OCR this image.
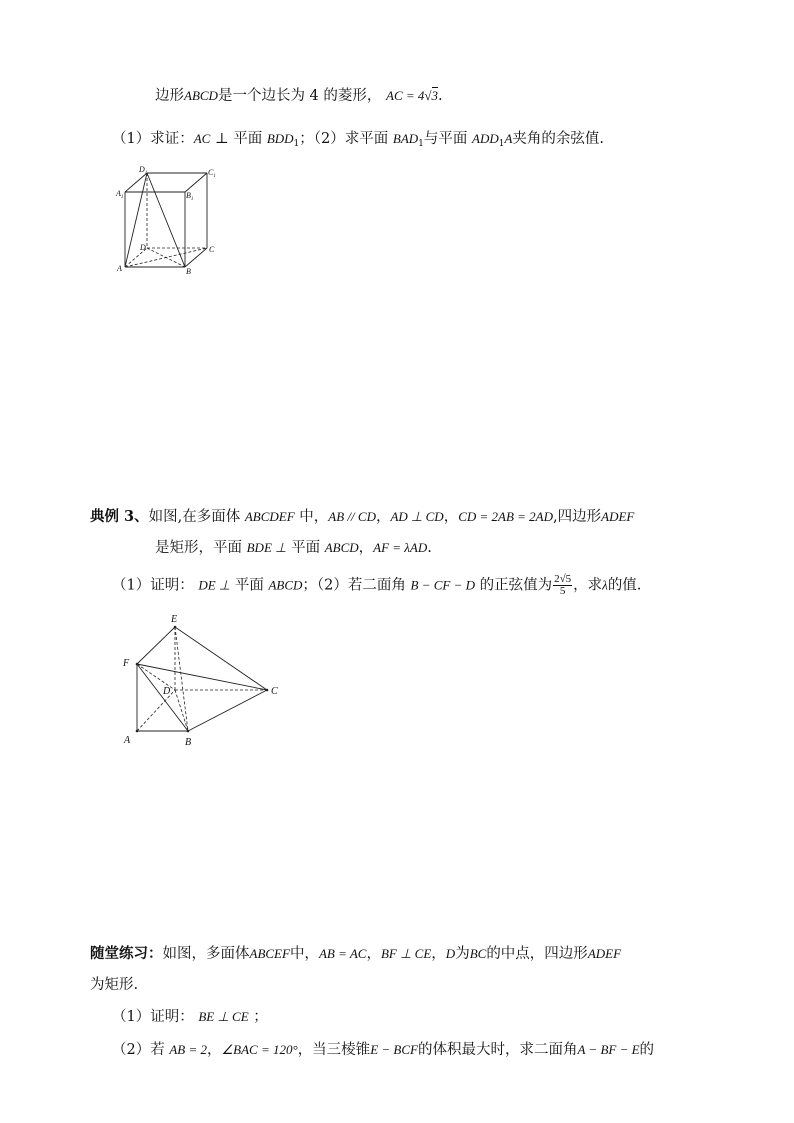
边形ABCD是一个边长为 4 的菱形， AC = 4√3.
（1）求证：AC ⊥ 平面 $BDD_1$；（2）求平面 $BAD_1$与平面 $ADD_1A$夹角的余弦值.
$D_1$	$C_1$
$A_1$	$B_1$
D	C
A	B
典例 3、如图,在多面体 ABCDEF 中，AB // CD，AD ⊥ CD，CD = 2AB = 2AD,四边形ADEF
是矩形，平面 BDE ⊥ 平面 ABCD，AF = λAD.
（1）证明： DE ⊥ 平面 ABCD；（2）若二面角 B − CF − D 的正弦值为 $\frac{2√5}{5}$ ，求λ的值.
E
F
D	C
A	B
随堂练习：如图，多面体ABCEF中，AB = AC，BF ⊥ CE，D为BC的中点，四边形ADEF
为矩形.
（1）证明： BE ⊥ CE ；
（2）若 AB = 2，∠BAC = 120°，当三棱锥E − BCF的体积最大时，求二面角A − BF − E的
